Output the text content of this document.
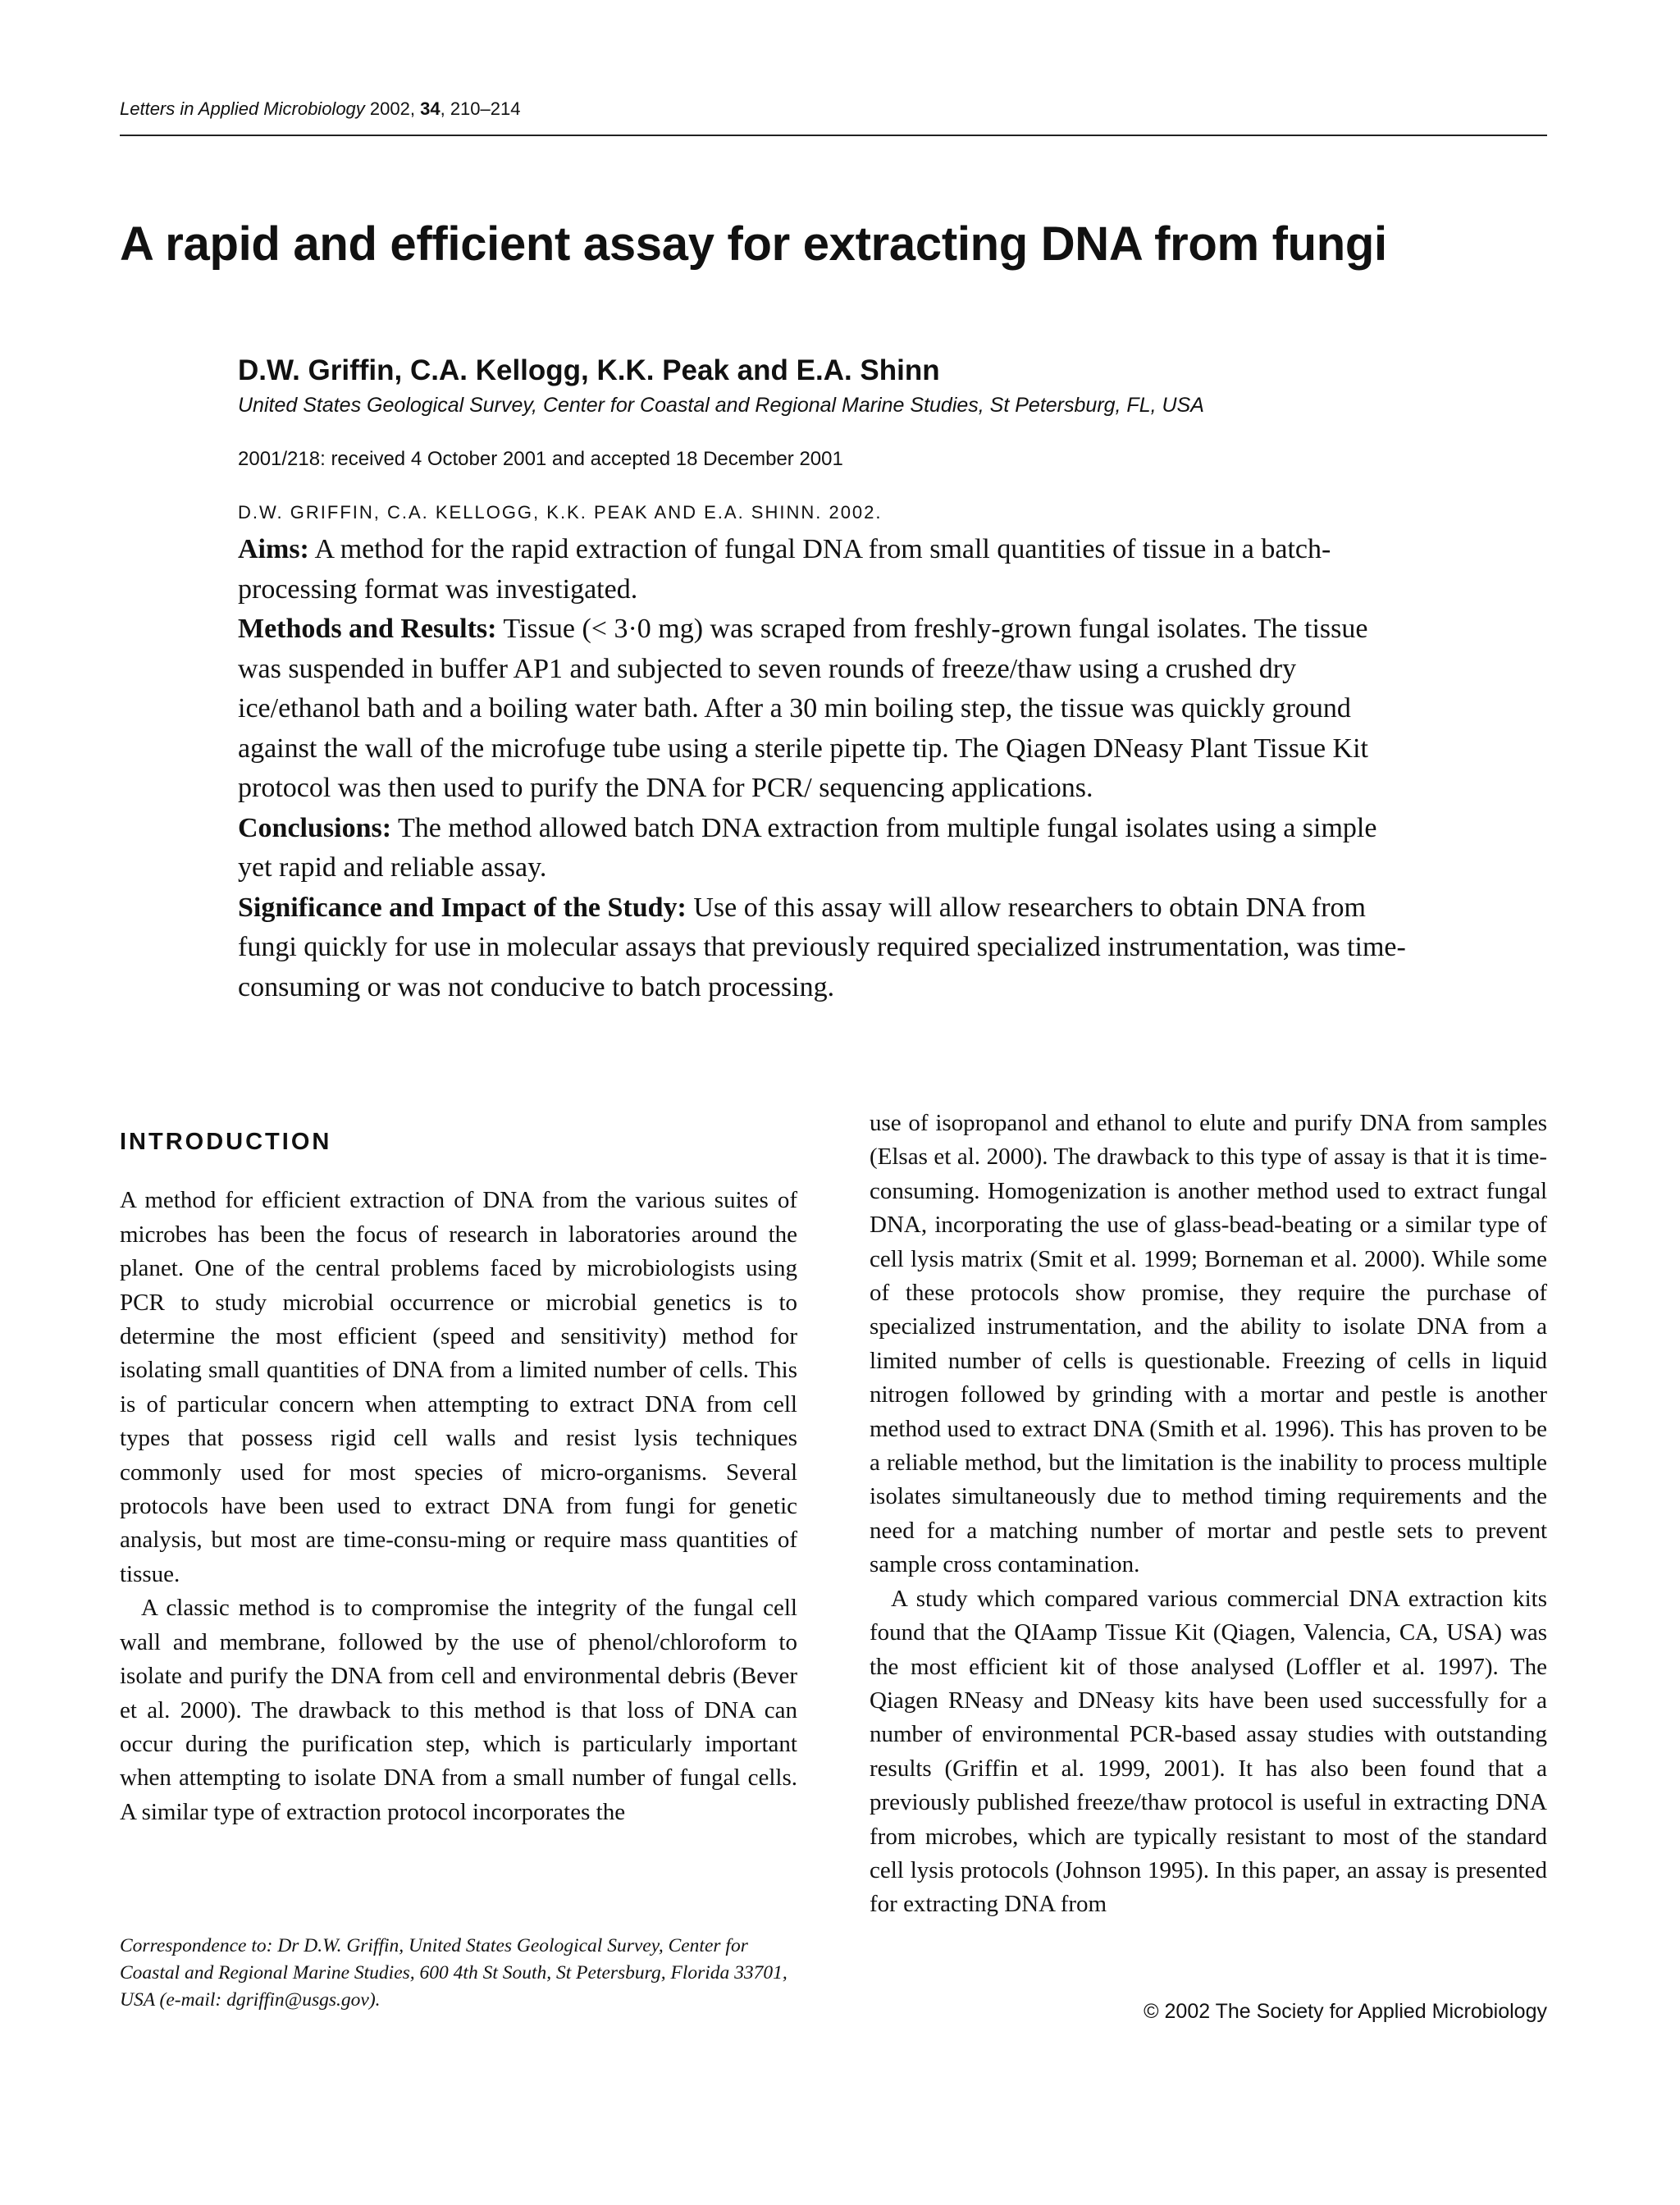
Letters in Applied Microbiology 2002, 34, 210–214
A rapid and efficient assay for extracting DNA from fungi
D.W. Griffin, C.A. Kellogg, K.K. Peak and E.A. Shinn
United States Geological Survey, Center for Coastal and Regional Marine Studies, St Petersburg, FL, USA
2001/218: received 4 October 2001 and accepted 18 December 2001
D.W. GRIFFIN, C.A. KELLOGG, K.K. PEAK AND E.A. SHINN. 2002.

Aims: A method for the rapid extraction of fungal DNA from small quantities of tissue in a batch-processing format was investigated.

Methods and Results: Tissue (< 3·0 mg) was scraped from freshly-grown fungal isolates. The tissue was suspended in buffer AP1 and subjected to seven rounds of freeze/thaw using a crushed dry ice/ethanol bath and a boiling water bath. After a 30 min boiling step, the tissue was quickly ground against the wall of the microfuge tube using a sterile pipette tip. The Qiagen DNeasy Plant Tissue Kit protocol was then used to purify the DNA for PCR/ sequencing applications.

Conclusions: The method allowed batch DNA extraction from multiple fungal isolates using a simple yet rapid and reliable assay.

Significance and Impact of the Study: Use of this assay will allow researchers to obtain DNA from fungi quickly for use in molecular assays that previously required specialized instrumentation, was time-consuming or was not conducive to batch processing.

INTRODUCTION

A method for efficient extraction of DNA from the various suites of microbes has been the focus of research in laboratories around the planet. One of the central problems faced by microbiologists using PCR to study microbial occurrence or microbial genetics is to determine the most efficient (speed and sensitivity) method for isolating small quantities of DNA from a limited number of cells. This is of particular concern when attempting to extract DNA from cell types that possess rigid cell walls and resist lysis techniques commonly used for most species of micro-organisms. Several protocols have been used to extract DNA from fungi for genetic analysis, but most are time-consu-ming or require mass quantities of tissue.

A classic method is to compromise the integrity of the fungal cell wall and membrane, followed by the use of phenol/chloroform to isolate and purify the DNA from cell and environmental debris (Bever et al. 2000). The drawback to this method is that loss of DNA can occur during the purification step, which is particularly important when attempting to isolate DNA from a small number of fungal cells. A similar type of extraction protocol incorporates the

use of isopropanol and ethanol to elute and purify DNA from samples (Elsas et al. 2000). The drawback to this type of assay is that it is time-consuming. Homogenization is another method used to extract fungal DNA, incorporating the use of glass-bead-beating or a similar type of cell lysis matrix (Smit et al. 1999; Borneman et al. 2000). While some of these protocols show promise, they require the purchase of specialized instrumentation, and the ability to isolate DNA from a limited number of cells is questionable. Freezing of cells in liquid nitrogen followed by grinding with a mortar and pestle is another method used to extract DNA (Smith et al. 1996). This has proven to be a reliable method, but the limitation is the inability to process multiple isolates simultaneously due to method timing requirements and the need for a matching number of mortar and pestle sets to prevent sample cross contamination.

A study which compared various commercial DNA extraction kits found that the QIAamp Tissue Kit (Qiagen, Valencia, CA, USA) was the most efficient kit of those analysed (Loffler et al. 1997). The Qiagen RNeasy and DNeasy kits have been used successfully for a number of environmental PCR-based assay studies with outstanding results (Griffin et al. 1999, 2001). It has also been found that a previously published freeze/thaw protocol is useful in extracting DNA from microbes, which are typically resistant to most of the standard cell lysis protocols (Johnson 1995). In this paper, an assay is presented for extracting DNA from

Correspondence to: Dr D.W. Griffin, United States Geological Survey, Center for Coastal and Regional Marine Studies, 600 4th St South, St Petersburg, Florida 33701, USA (e-mail: dgriffin@usgs.gov).	© 2002 The Society for Applied Microbiology
